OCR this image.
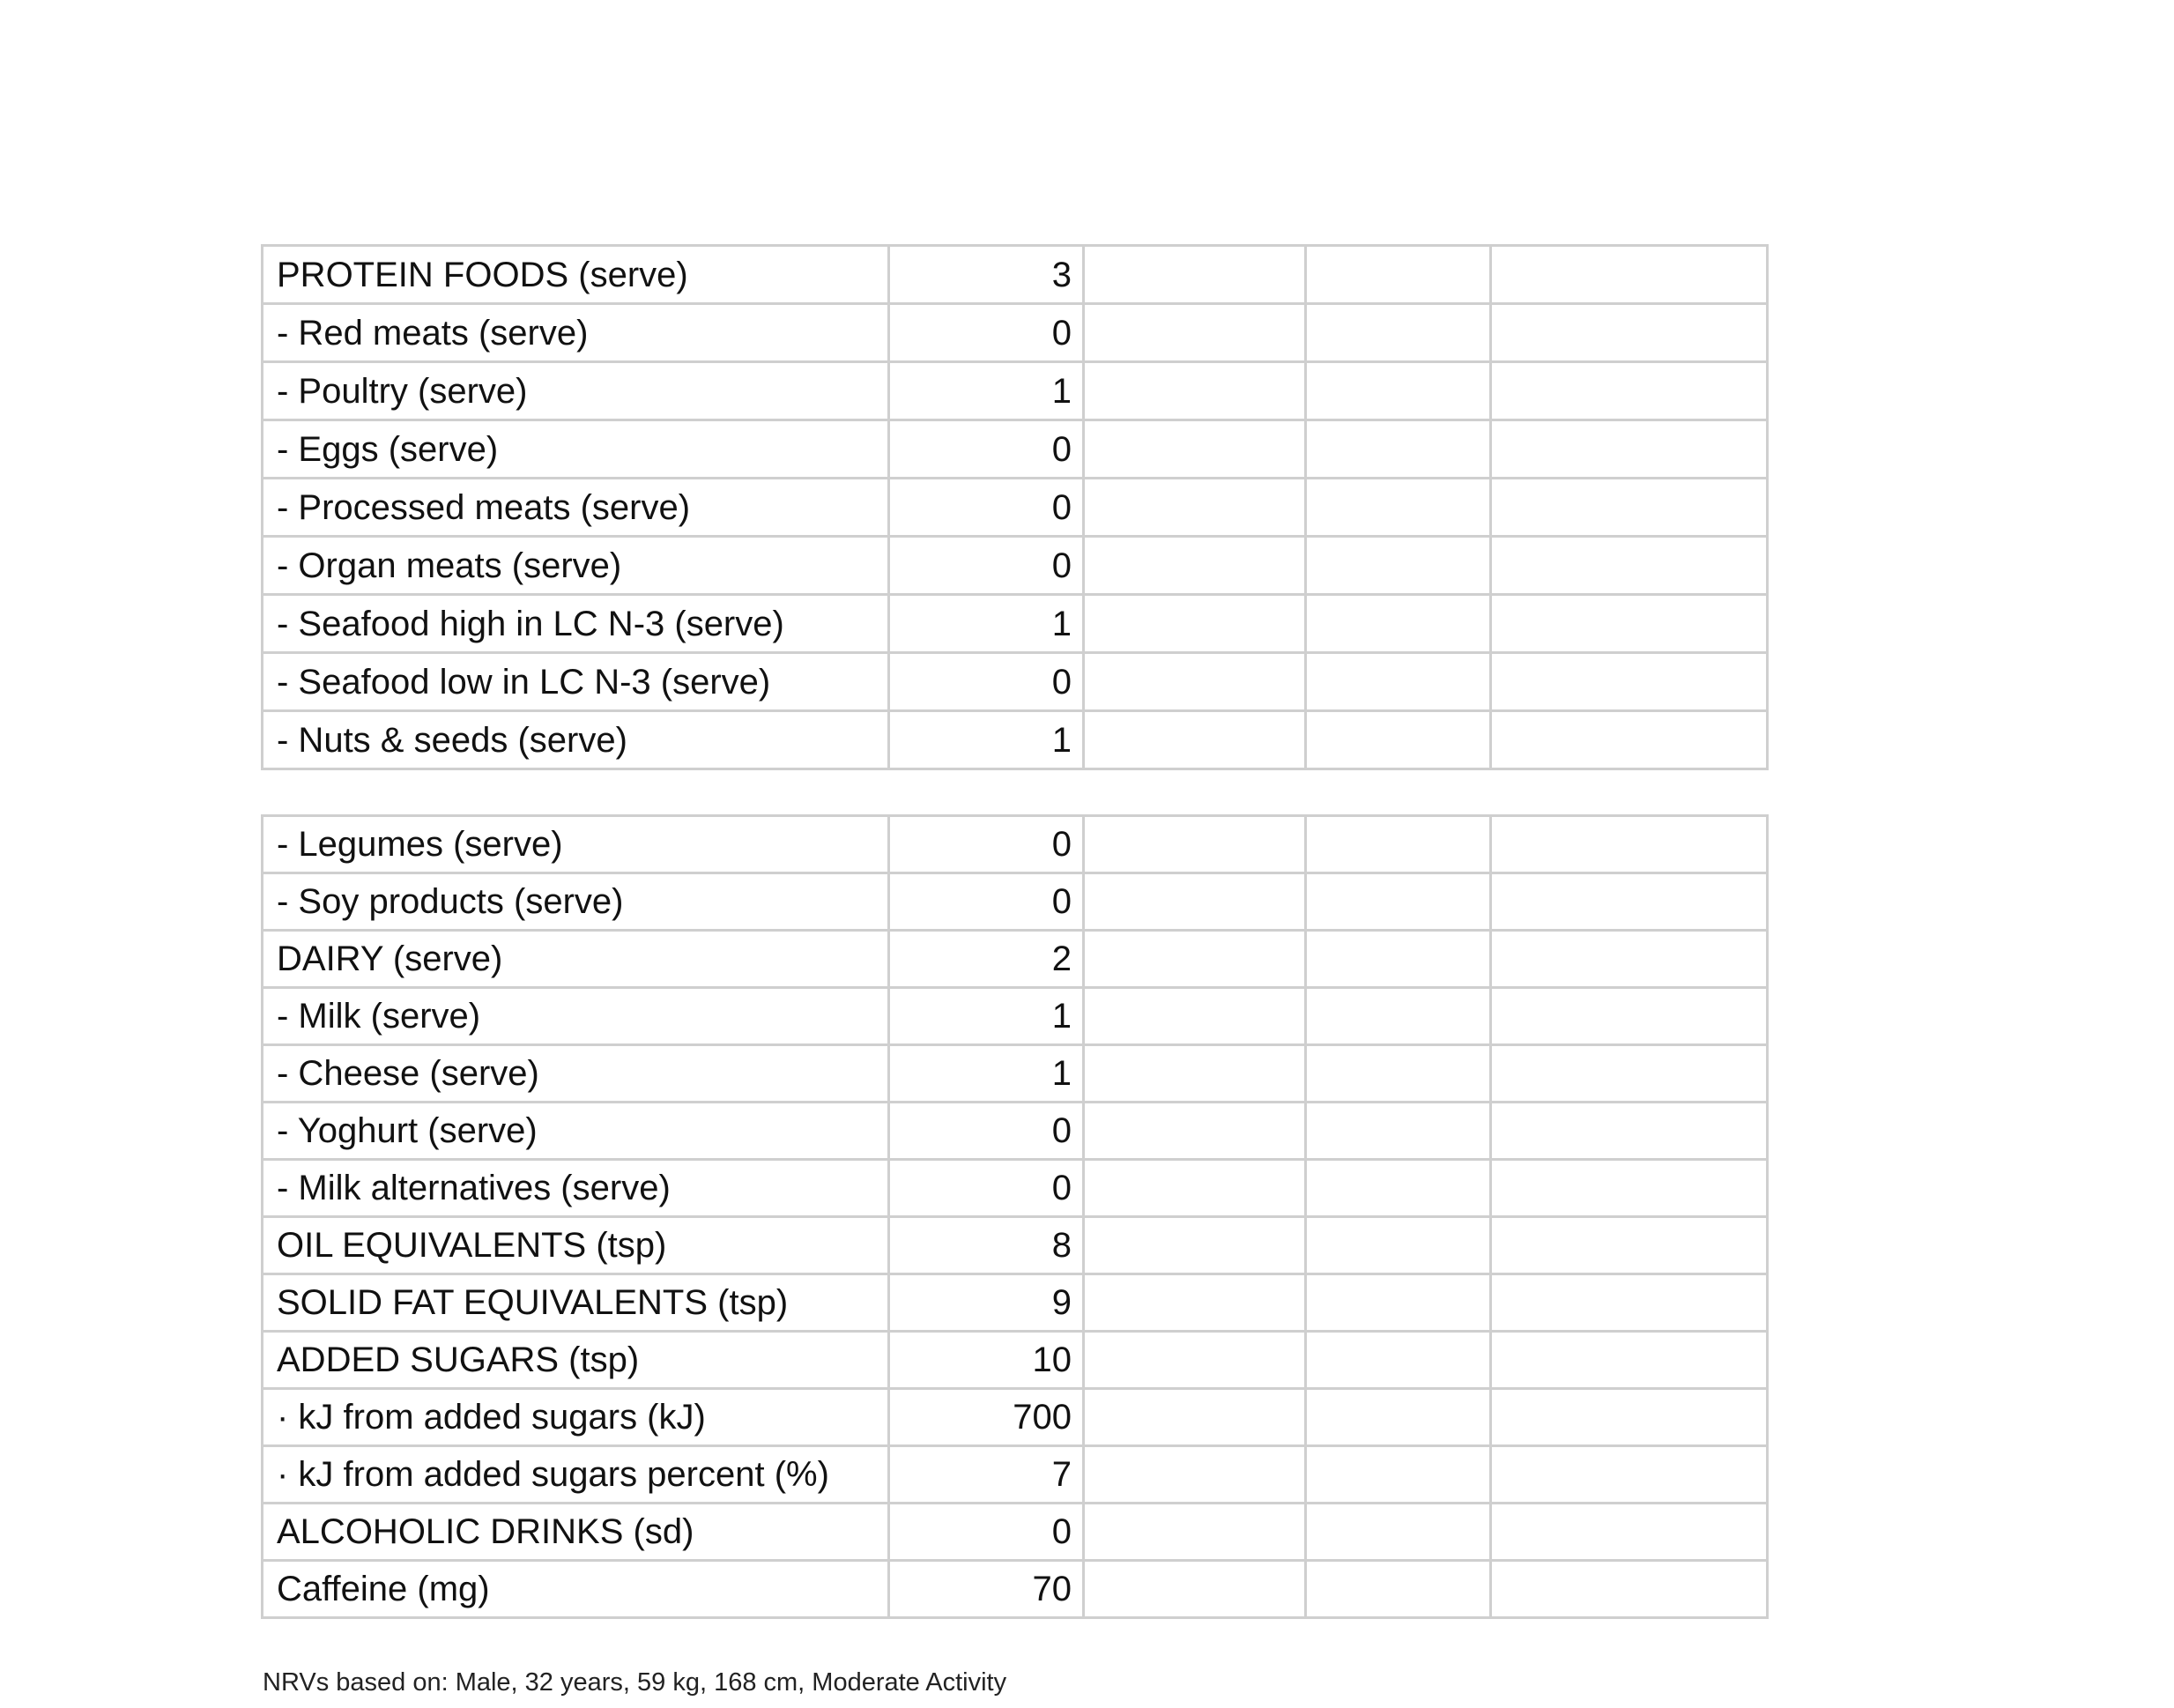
PROTEIN FOODS (serve)	3			
- Red meats (serve)	0			
- Poultry (serve)	1			
- Eggs (serve)	0			
- Processed meats (serve)	0			
- Organ meats (serve)	0			
- Seafood high in LC N-3 (serve)	1			
- Seafood low in LC N-3 (serve)	0			
- Nuts & seeds (serve)	1			
- Legumes (serve)	0			
- Soy products (serve)	0			
DAIRY (serve)	2			
- Milk (serve)	1			
- Cheese (serve)	1			
- Yoghurt (serve)	0			
- Milk alternatives (serve)	0			
OIL EQUIVALENTS (tsp)	8			
SOLID FAT EQUIVALENTS (tsp)	9			
ADDED SUGARS (tsp)	10			
· kJ from added sugars (kJ)	700			
· kJ from added sugars percent (%)	7			
ALCOHOLIC DRINKS (sd)	0			
Caffeine (mg)	70			
NRVs based on: Male, 32 years, 59 kg, 168 cm, Moderate Activity
